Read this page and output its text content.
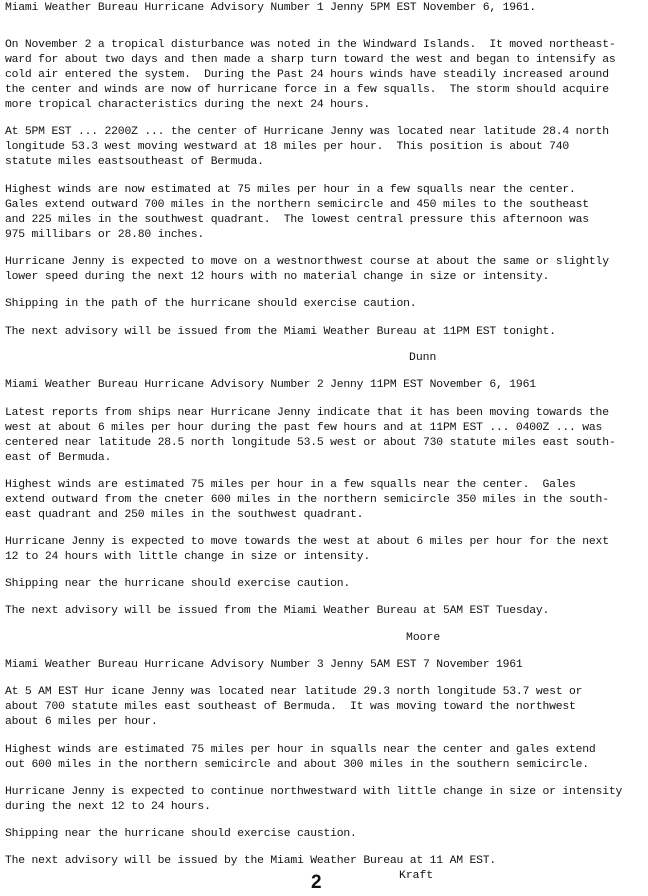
Miami Weather Bureau Hurricane Advisory Number 1 Jenny 5PM EST November 6, 1961.
On November 2 a tropical disturbance was noted in the Windward Islands.  It moved northeast-
ward for about two days and then made a sharp turn toward the west and began to intensify as
cold air entered the system.  During the Past 24 hours winds have steadily increased around
the center and winds are now of hurricane force in a few squalls.  The storm should acquire
more tropical characteristics during the next 24 hours.
At 5PM EST ... 2200Z ... the center of Hurricane Jenny was located near latitude 28.4 north
longitude 53.3 west moving westward at 18 miles per hour.  This position is about 740
statute miles eastsoutheast of Bermuda.
Highest winds are now estimated at 75 miles per hour in a few squalls near the center.
Gales extend outward 700 miles in the northern semicircle and 450 miles to the southeast
and 225 miles in the southwest quadrant.  The lowest central pressure this afternoon was
975 millibars or 28.80 inches.
Hurricane Jenny is expected to move on a westnorthwest course at about the same or slightly
lower speed during the next 12 hours with no material change in size or intensity.
Shipping in the path of the hurricane should exercise caution.
The next advisory will be issued from the Miami Weather Bureau at 11PM EST tonight.
Dunn
Miami Weather Bureau Hurricane Advisory Number 2 Jenny 11PM EST November 6, 1961
Latest reports from ships near Hurricane Jenny indicate that it has been moving towards the
west at about 6 miles per hour during the past few hours and at 11PM EST ... 0400Z ... was
centered near latitude 28.5 north longitude 53.5 west or about 730 statute miles east south-
east of Bermuda.
Highest winds are estimated 75 miles per hour in a few squalls near the center.  Gales
extend outward from the cneter 600 miles in the northern semicircle 350 miles in the south-
east quadrant and 250 miles in the southwest quadrant.
Hurricane Jenny is expected to move towards the west at about 6 miles per hour for the next
12 to 24 hours with little change in size or intensity.
Shipping near the hurricane should exercise caution.
The next advisory will be issued from the Miami Weather Bureau at 5AM EST Tuesday.
Moore
Miami Weather Bureau Hurricane Advisory Number 3 Jenny 5AM EST 7 November 1961
At 5 AM EST Hur icane Jenny was located near latitude 29.3 north longitude 53.7 west or
about 700 statute miles east southeast of Bermuda.  It was moving toward the northwest
about 6 miles per hour.
Highest winds are estimated 75 miles per hour in squalls near the center and gales extend
out 600 miles in the northern semicircle and about 300 miles in the southern semicircle.
Hurricane Jenny is expected to continue northwestward with little change in size or intensity
during the next 12 to 24 hours.
Shipping near the hurricane should exercise caustion.
The next advisory will be issued by the Miami Weather Bureau at 11 AM EST.
Kraft
2
